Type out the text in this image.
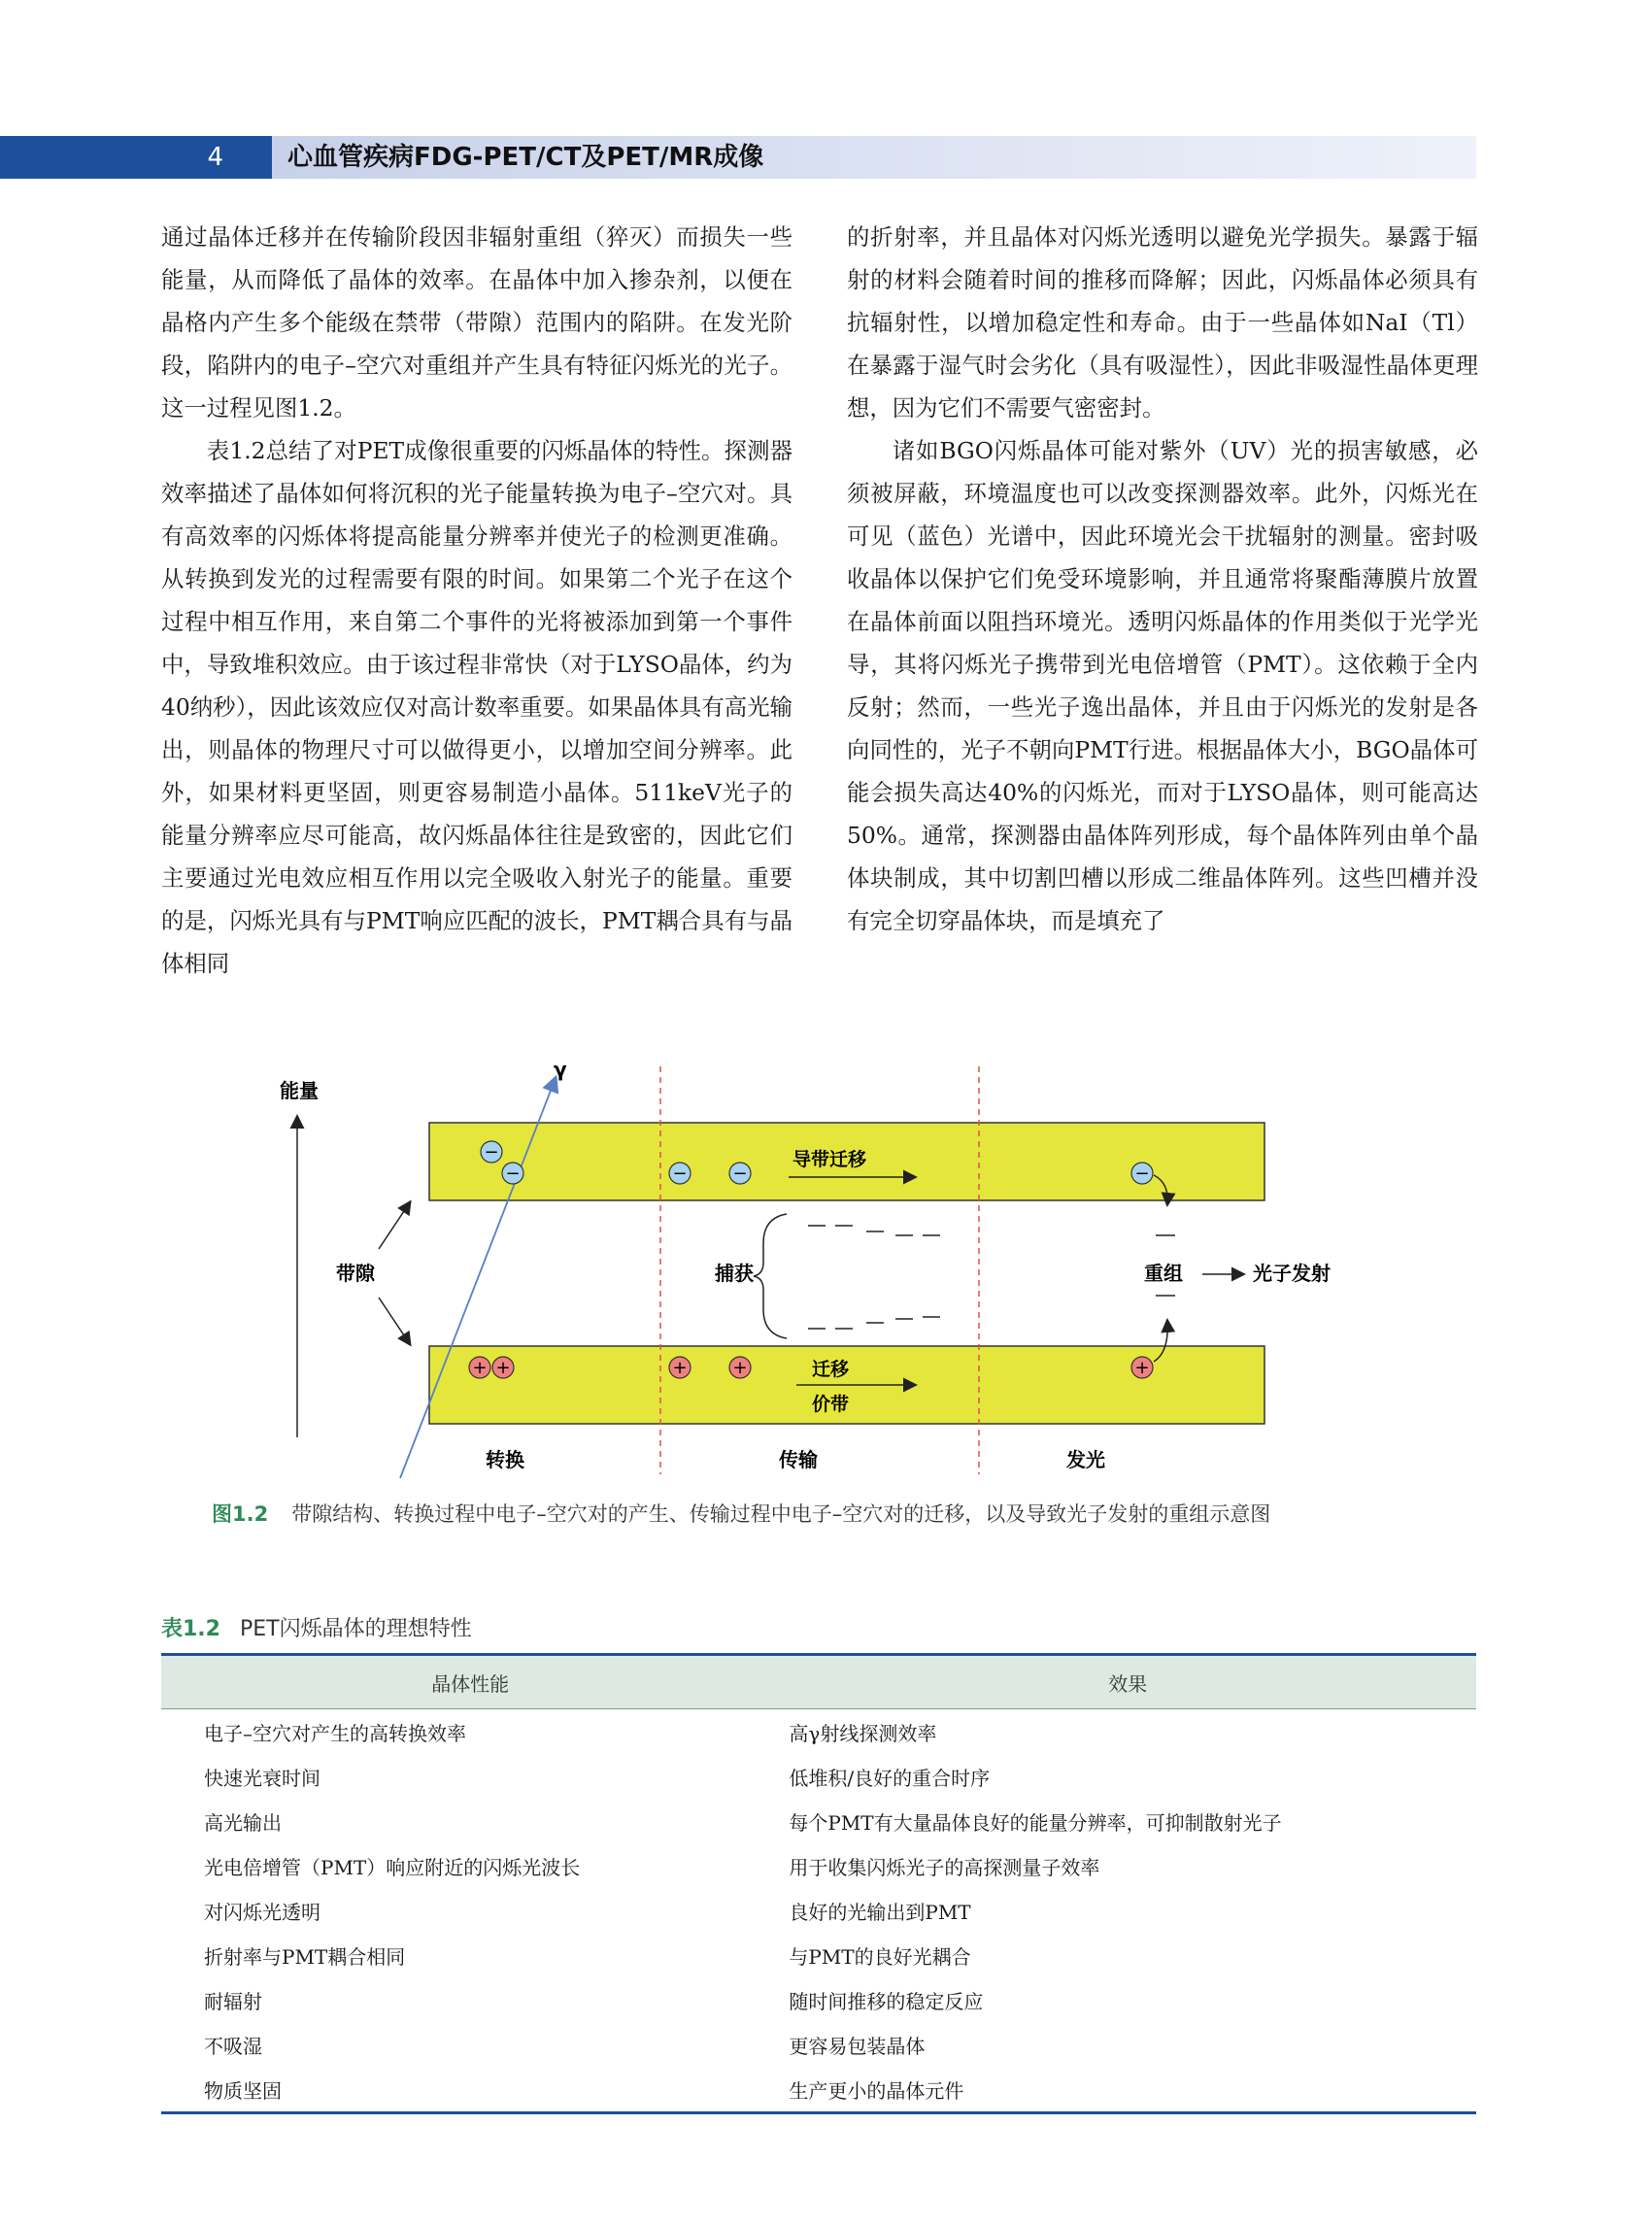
4	心血管疾病FDG-PET/CT及PET/MR成像

通过晶体迁移并在传输阶段因非辐射重组（猝灭）而损失一些能量，从而降低了晶体的效率。在晶体中加入掺杂剂，以便在晶格内产生多个能级在禁带（带隙）范围内的陷阱。在发光阶段，陷阱内的电子–空穴对重组并产生具有特征闪烁光的光子。这一过程见图1.2。

表1.2总结了对PET成像很重要的闪烁晶体的特性。探测器效率描述了晶体如何将沉积的光子能量转换为电子–空穴对。具有高效率的闪烁体将提高能量分辨率并使光子的检测更准确。从转换到发光的过程需要有限的时间。如果第二个光子在这个过程中相互作用，来自第二个事件的光将被添加到第一个事件中，导致堆积效应。由于该过程非常快（对于LYSO晶体，约为40纳秒），因此该效应仅对高计数率重要。如果晶体具有高光输出，则晶体的物理尺寸可以做得更小，以增加空间分辨率。此外，如果材料更坚固，则更容易制造小晶体。511keV光子的能量分辨率应尽可能高，故闪烁晶体往往是致密的，因此它们主要通过光电效应相互作用以完全吸收入射光子的能量。重要的是，闪烁光具有与PMT响应匹配的波长，PMT耦合具有与晶体相同

的折射率，并且晶体对闪烁光透明以避免光学损失。暴露于辐射的材料会随着时间的推移而降解；因此，闪烁晶体必须具有抗辐射性，以增加稳定性和寿命。由于一些晶体如NaI（Tl）在暴露于湿气时会劣化（具有吸湿性），因此非吸湿性晶体更理想，因为它们不需要气密密封。

诸如BGO闪烁晶体可能对紫外（UV）光的损害敏感，必须被屏蔽，环境温度也可以改变探测器效率。此外，闪烁光在可见（蓝色）光谱中，因此环境光会干扰辐射的测量。密封吸收晶体以保护它们免受环境影响，并且通常将聚酯薄膜片放置在晶体前面以阻挡环境光。透明闪烁晶体的作用类似于光学光导，其将闪烁光子携带到光电倍增管（PMT）。这依赖于全内反射；然而，一些光子逸出晶体，并且由于闪烁光的发射是各向同性的，光子不朝向PMT行进。根据晶体大小，BGO晶体可能会损失高达40%的闪烁光，而对于LYSO晶体，则可能高达50%。通常，探测器由晶体阵列形成，每个晶体阵列由单个晶体块制成，其中切割凹槽以形成二维晶体阵列。这些凹槽并没有完全切穿晶体块，而是填充了

能量
γ
−
−	−	−	−
+ +	+	+	+
导带迁移
迁移
价带
带隙	捕获	重组	光子发射
转换	传输	发光
图1.2 带隙结构、转换过程中电子–空穴对的产生、传输过程中电子–空穴对的迁移，以及导致光子发射的重组示意图
表1.2 PET闪烁晶体的理想特性
晶体性能	效果
电子–空穴对产生的高转换效率	高γ射线探测效率
快速光衰时间	低堆积/良好的重合时序
高光输出	每个PMT有大量晶体良好的能量分辨率，可抑制散射光子
光电倍增管（PMT）响应附近的闪烁光波长	用于收集闪烁光子的高探测量子效率
对闪烁光透明	良好的光输出到PMT
折射率与PMT耦合相同	与PMT的良好光耦合
耐辐射	随时间推移的稳定反应
不吸湿	更容易包装晶体
物质坚固	生产更小的晶体元件
